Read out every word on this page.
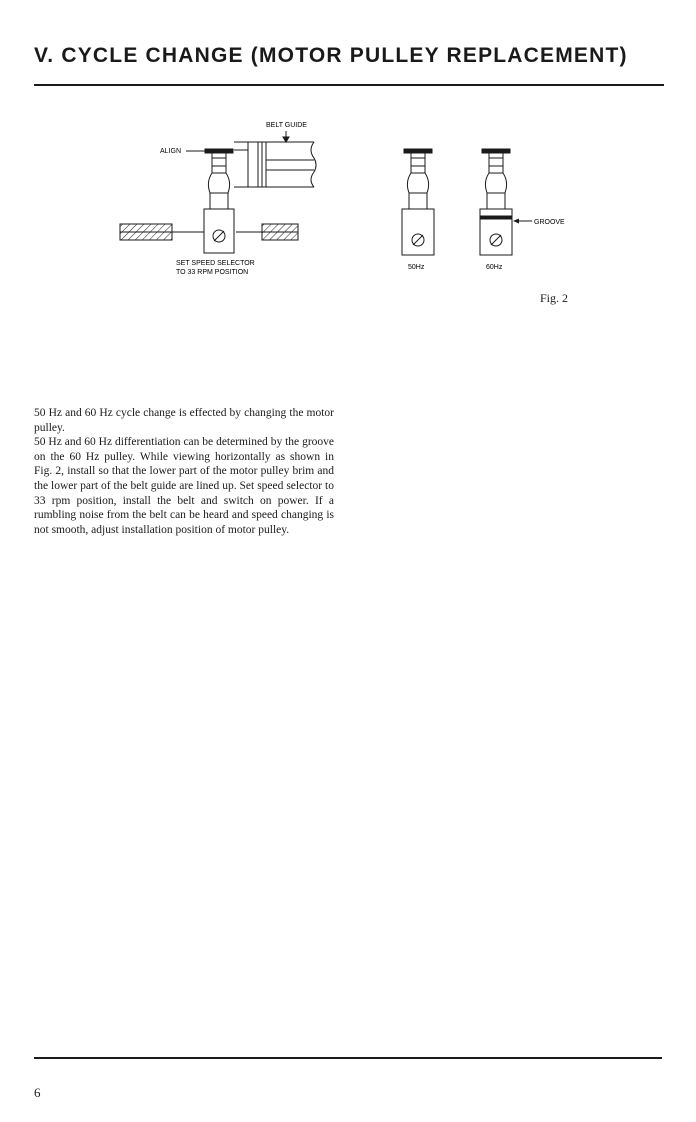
V. CYCLE CHANGE (MOTOR PULLEY REPLACEMENT)
BELT GUIDE
ALIGN
SET SPEED SELECTOR
TO 33 RPM POSITION
50Hz
GROOVE
60Hz
Fig. 2

50 Hz and 60 Hz cycle change is effected by changing the motor pulley.

50 Hz and 60 Hz differentiation can be determined by the groove on the 60 Hz pulley. While viewing horizontally as shown in Fig. 2, install so that the lower part of the motor pulley brim and the lower part of the belt guide are lined up. Set speed selector to 33 rpm position, install the belt and switch on power. If a rumbling noise from the belt can be heard and speed changing is not smooth, adjust installation position of motor pulley.

6
